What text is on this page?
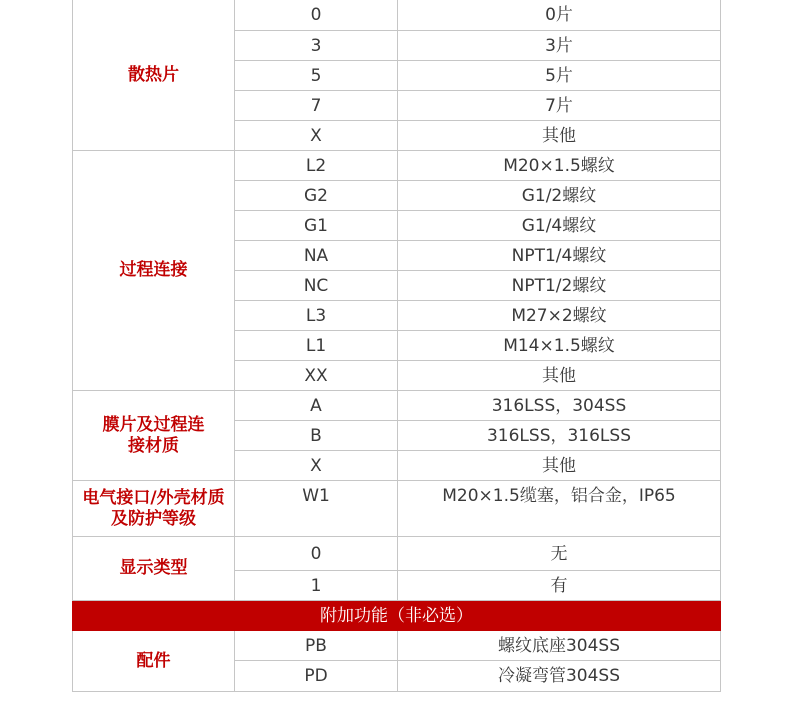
散热片	0	0片
	3	3片
	5	5片
	7	7片
	X	其他
过程连接	L2	M20×1.5螺纹
	G2	G1/2螺纹
	G1	G1/4螺纹
	NA	NPT1/4螺纹
	NC	NPT1/2螺纹
	L3	M27×2螺纹
	L1	M14×1.5螺纹
	XX	其他

膜片及过程连接材质	A	316LSS，304SS
	B	316LSS，316LSS
	X	其他

电气接口/外壳材质及防护等级	W1	M20×1.5缆塞，铝合金，IP65
显示类型	0	无
	1	有
附加功能（非必选）		
配件	PB	螺纹底座304SS
	PD	冷凝弯管304SS
